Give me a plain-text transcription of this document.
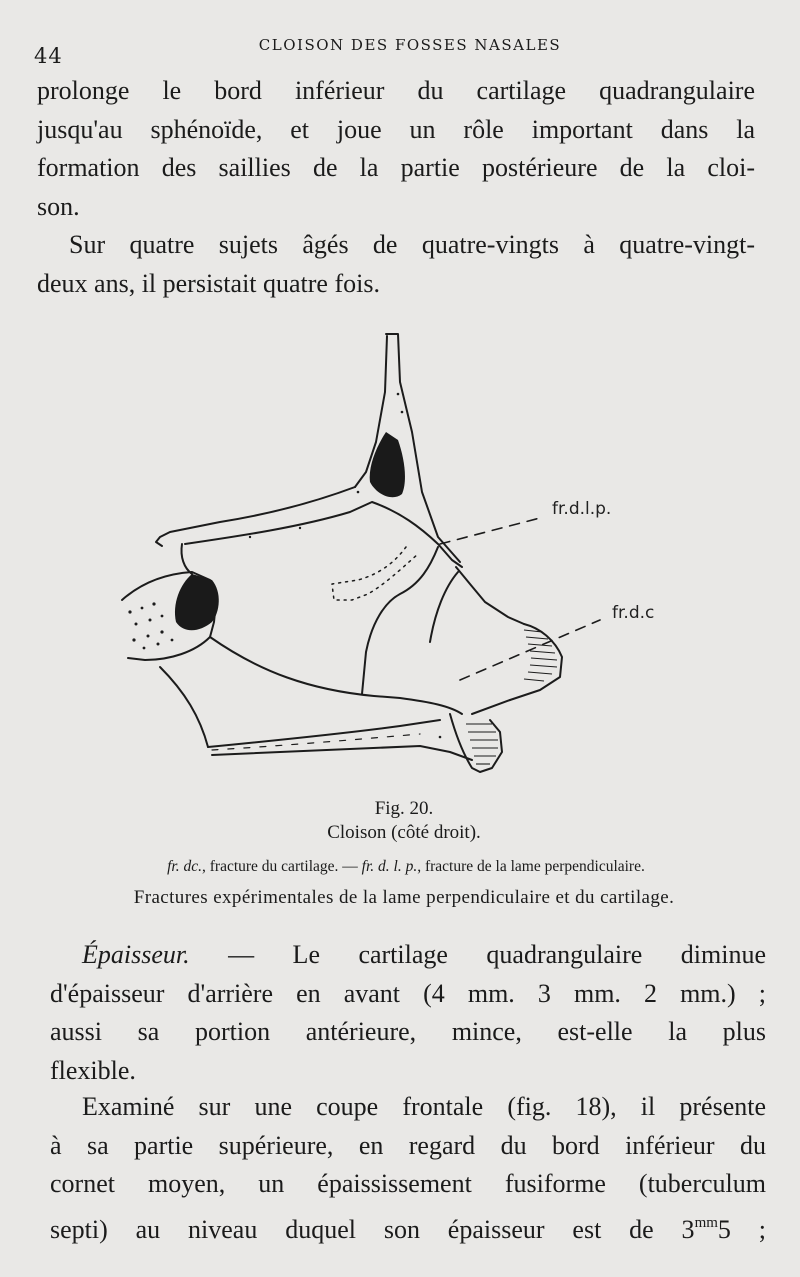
44	CLOISON DES FOSSES NASALES

prolonge le bord inférieur du cartilage quadrangulaire
jusqu'au sphénoïde, et joue un rôle important dans la
formation des saillies de la partie postérieure de la cloi-
son.

Sur quatre sujets âgés de quatre-vingts à quatre-vingt-
deux ans, il persistait quatre fois.

fr.d.l.p.
fr.d.c
Fig. 20.
Cloison (côté droit).
fr. dc., fracture du cartilage. — fr. d. l. p., fracture de la lame perpendiculaire.
Fractures expérimentales de la lame perpendiculaire et du cartilage.

Épaisseur. — Le cartilage quadrangulaire diminue
d'épaisseur d'arrière en avant (4 mm. 3 mm. 2 mm.) ;
aussi sa portion antérieure, mince, est-elle la plus
flexible.

Examiné sur une coupe frontale (fig. 18), il présente
à sa partie supérieure, en regard du bord inférieur du
cornet moyen, un épaississement fusiforme (tuberculum
septi) au niveau duquel son épaisseur est de $3^{mm}5$ ;
